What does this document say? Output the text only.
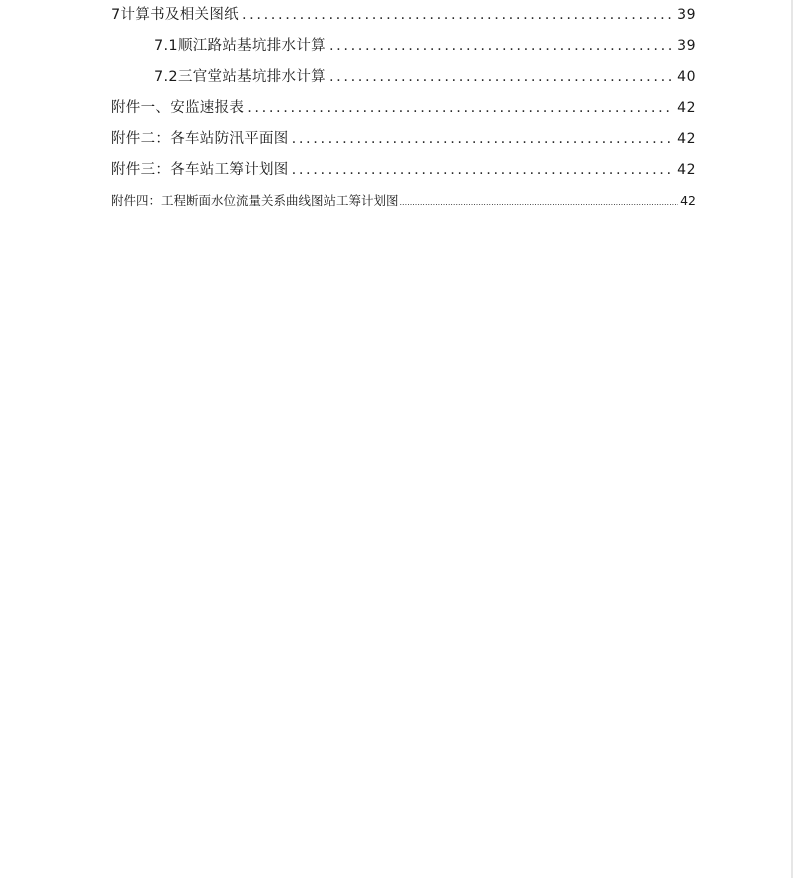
7计算书及相关图纸 .....	39
7.1顺江路站基坑排水计算 .....	39
7.2三官堂站基坑排水计算 .....	40
附件一、安监速报表 .....	42
附件二：各车站防汛平面图 .....	42
附件三：各车站工筹计划图 .....	42
附件四：工程断面水位流量关系曲线图站工筹计划图 .....	42
